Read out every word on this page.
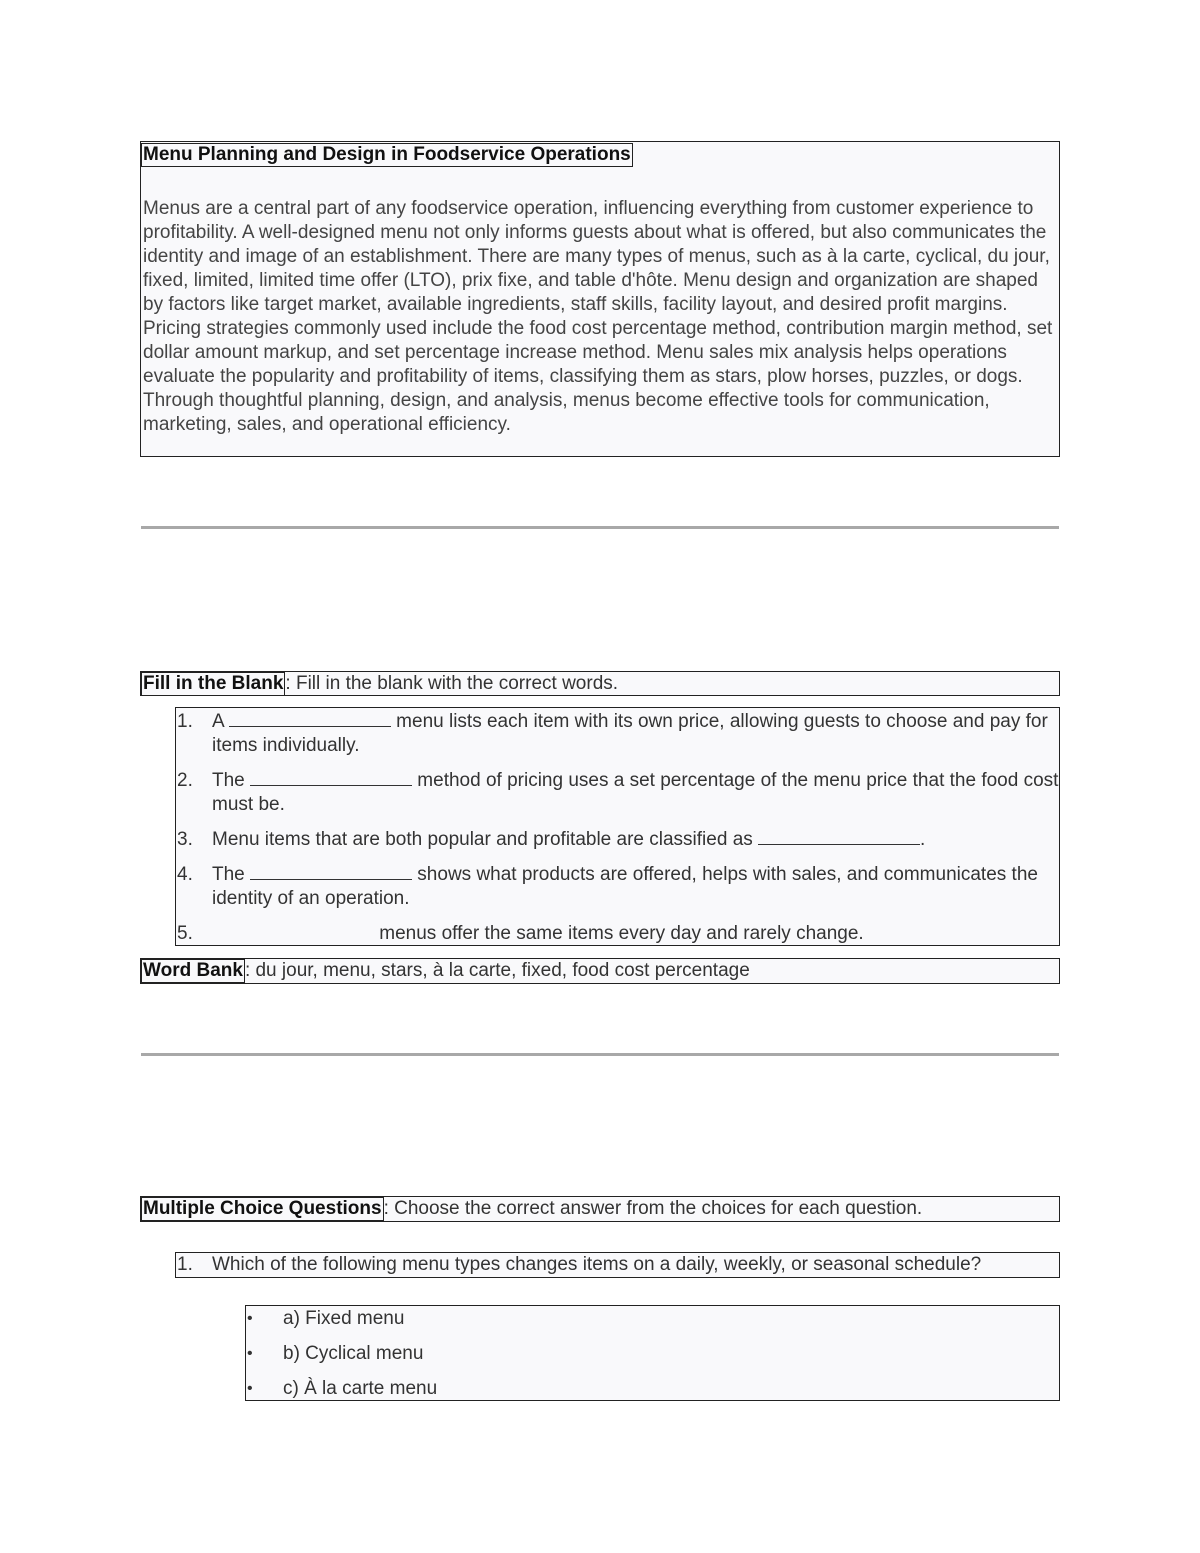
Menu Planning and Design in Foodservice Operations
Menus are a central part of any foodservice operation, influencing everything from customer experience to profitability. A well-designed menu not only informs guests about what is offered, but also communicates the identity and image of an establishment. There are many types of menus, such as à la carte, cyclical, du jour, fixed, limited, limited time offer (LTO), prix fixe, and table d'hôte. Menu design and organization are shaped by factors like target market, available ingredients, staff skills, facility layout, and desired profit margins. Pricing strategies commonly used include the food cost percentage method, contribution margin method, set dollar amount markup, and set percentage increase method. Menu sales mix analysis helps operations evaluate the popularity and profitability of items, classifying them as stars, plow horses, puzzles, or dogs. Through thoughtful planning, design, and analysis, menus become effective tools for communication, marketing, sales, and operational efficiency.
Fill in the Blank : Fill in the blank with the correct words.
1.	A	menu lists each item with its own price, allowing guests to choose and pay for items individually.
2.	The	method of pricing uses a set percentage of the menu price that the food cost must be.
3.	Menu items that are both popular and profitable are classified as	.
4.	The	shows what products are offered, helps with sales, and communicates the identity of an operation.
5.	menus offer the same items every day and rarely change.
Word Bank : du jour, menu, stars, à la carte, fixed, food cost percentage
Multiple Choice Questions : Choose the correct answer from the choices for each question.
1.	Which of the following menu types changes items on a daily, weekly, or seasonal schedule?
•	a) Fixed menu
•	b) Cyclical menu
•	c) À la carte menu
